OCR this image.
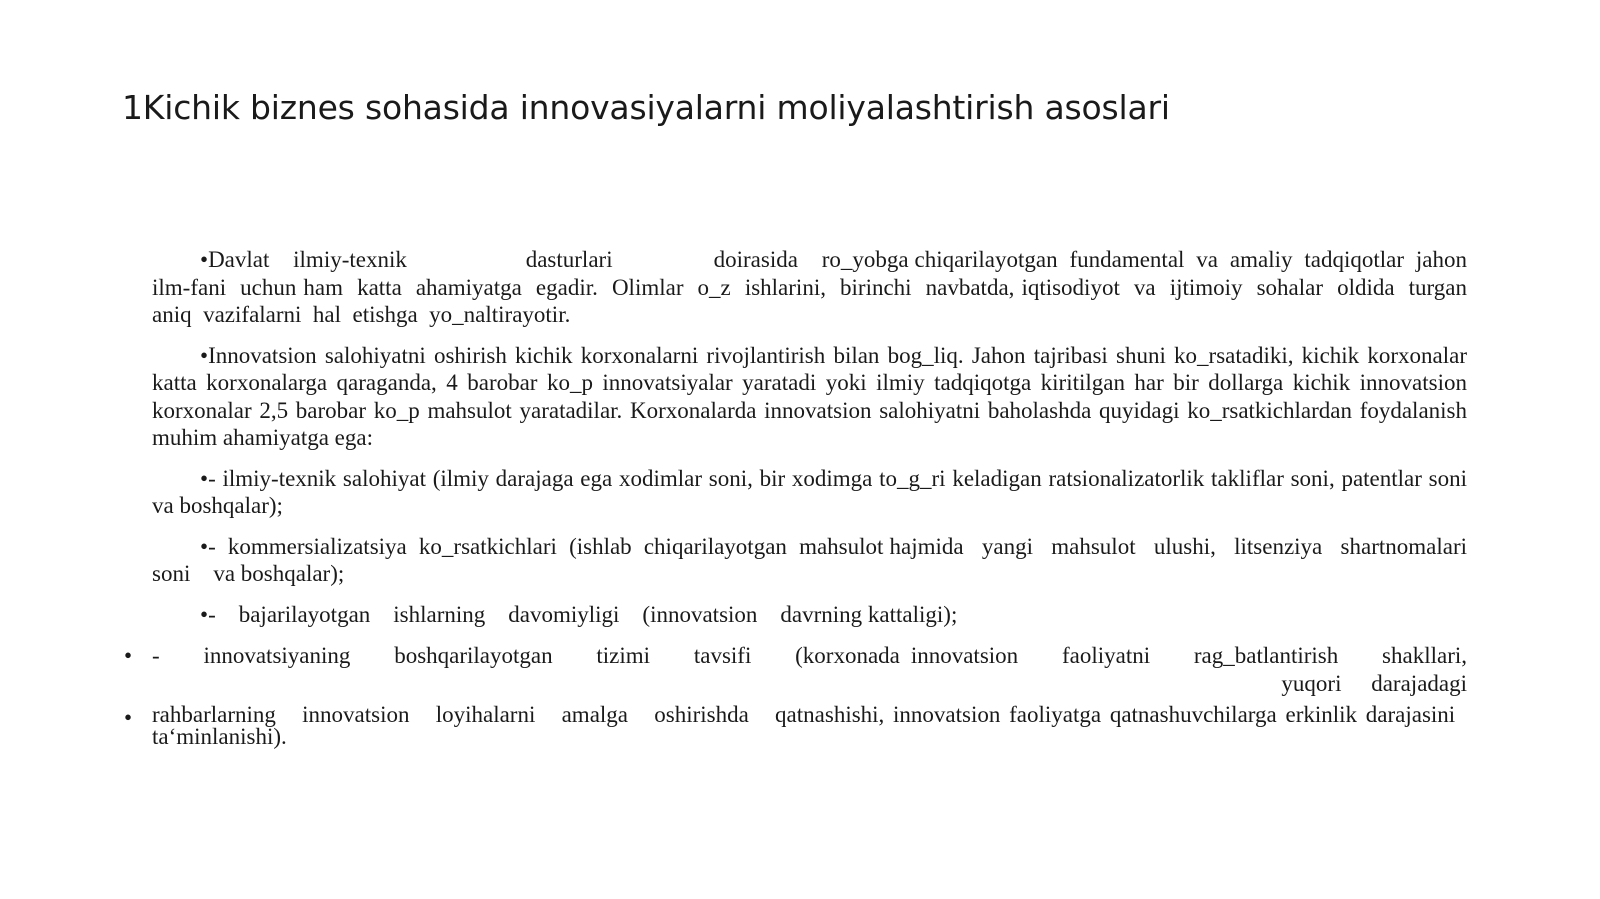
1Kichik biznes sohasida innovasiyalarni moliyalashtirish asoslari

•Davlat    ilmiy-texnik                    dasturlari                 doirasida    ro_yobga chiqarilayotgan  fundamental  va  amaliy  tadqiqotlar  jahon  ilm-fani  uchun ham  katta  ahamiyatga  egadir.  Olimlar  o_z  ishlarini,  birinchi  navbatda, iqtisodiyot  va  ijtimoiy  sohalar  oldida  turgan  aniq  vazifalarni  hal  etishga  yo_naltirayotir.

•Innovatsion salohiyatni oshirish kichik korxonalarni rivojlantirish bilan bog_liq. Jahon tajribasi shuni ko_rsatadiki, kichik korxonalar katta korxonalarga qaraganda, 4 barobar ko_p innovatsiyalar yaratadi yoki ilmiy tadqiqotga kiritilgan har bir dollarga kichik innovatsion korxonalar 2,5 barobar ko_p mahsulot yaratadilar. Korxonalarda innovatsion salohiyatni baholashda quyidagi ko_rsatkichlardan foydalanish muhim ahamiyatga ega:

•- ilmiy-texnik salohiyat (ilmiy darajaga ega xodimlar soni, bir xodimga to_g_ri keladigan ratsionalizatorlik takliflar soni, patentlar soni va boshqalar);

•-  kommersializatsiya  ko_rsatkichlari  (ishlab  chiqarilayotgan  mahsulot hajmida   yangi   mahsulot   ulushi,   litsenziya   shartnomalari    soni    va boshqalar);

•-    bajarilayotgan    ishlarning    davomiyligi    (innovatsion    davrning kattaligi);

• -    innovatsiyaning    boshqarilayotgan    tizimi    tavsifi    (korxonada innovatsion    faoliyatni    rag_batlantirish    shakllari,
yuqori darajadagi
• rahbarlarning   innovatsion   loyihalarni   amalga   oshirishda   qatnashishi, innovatsion faoliyatga qatnashuvchilarga erkinlik darajasini ta‘minlanishi).
